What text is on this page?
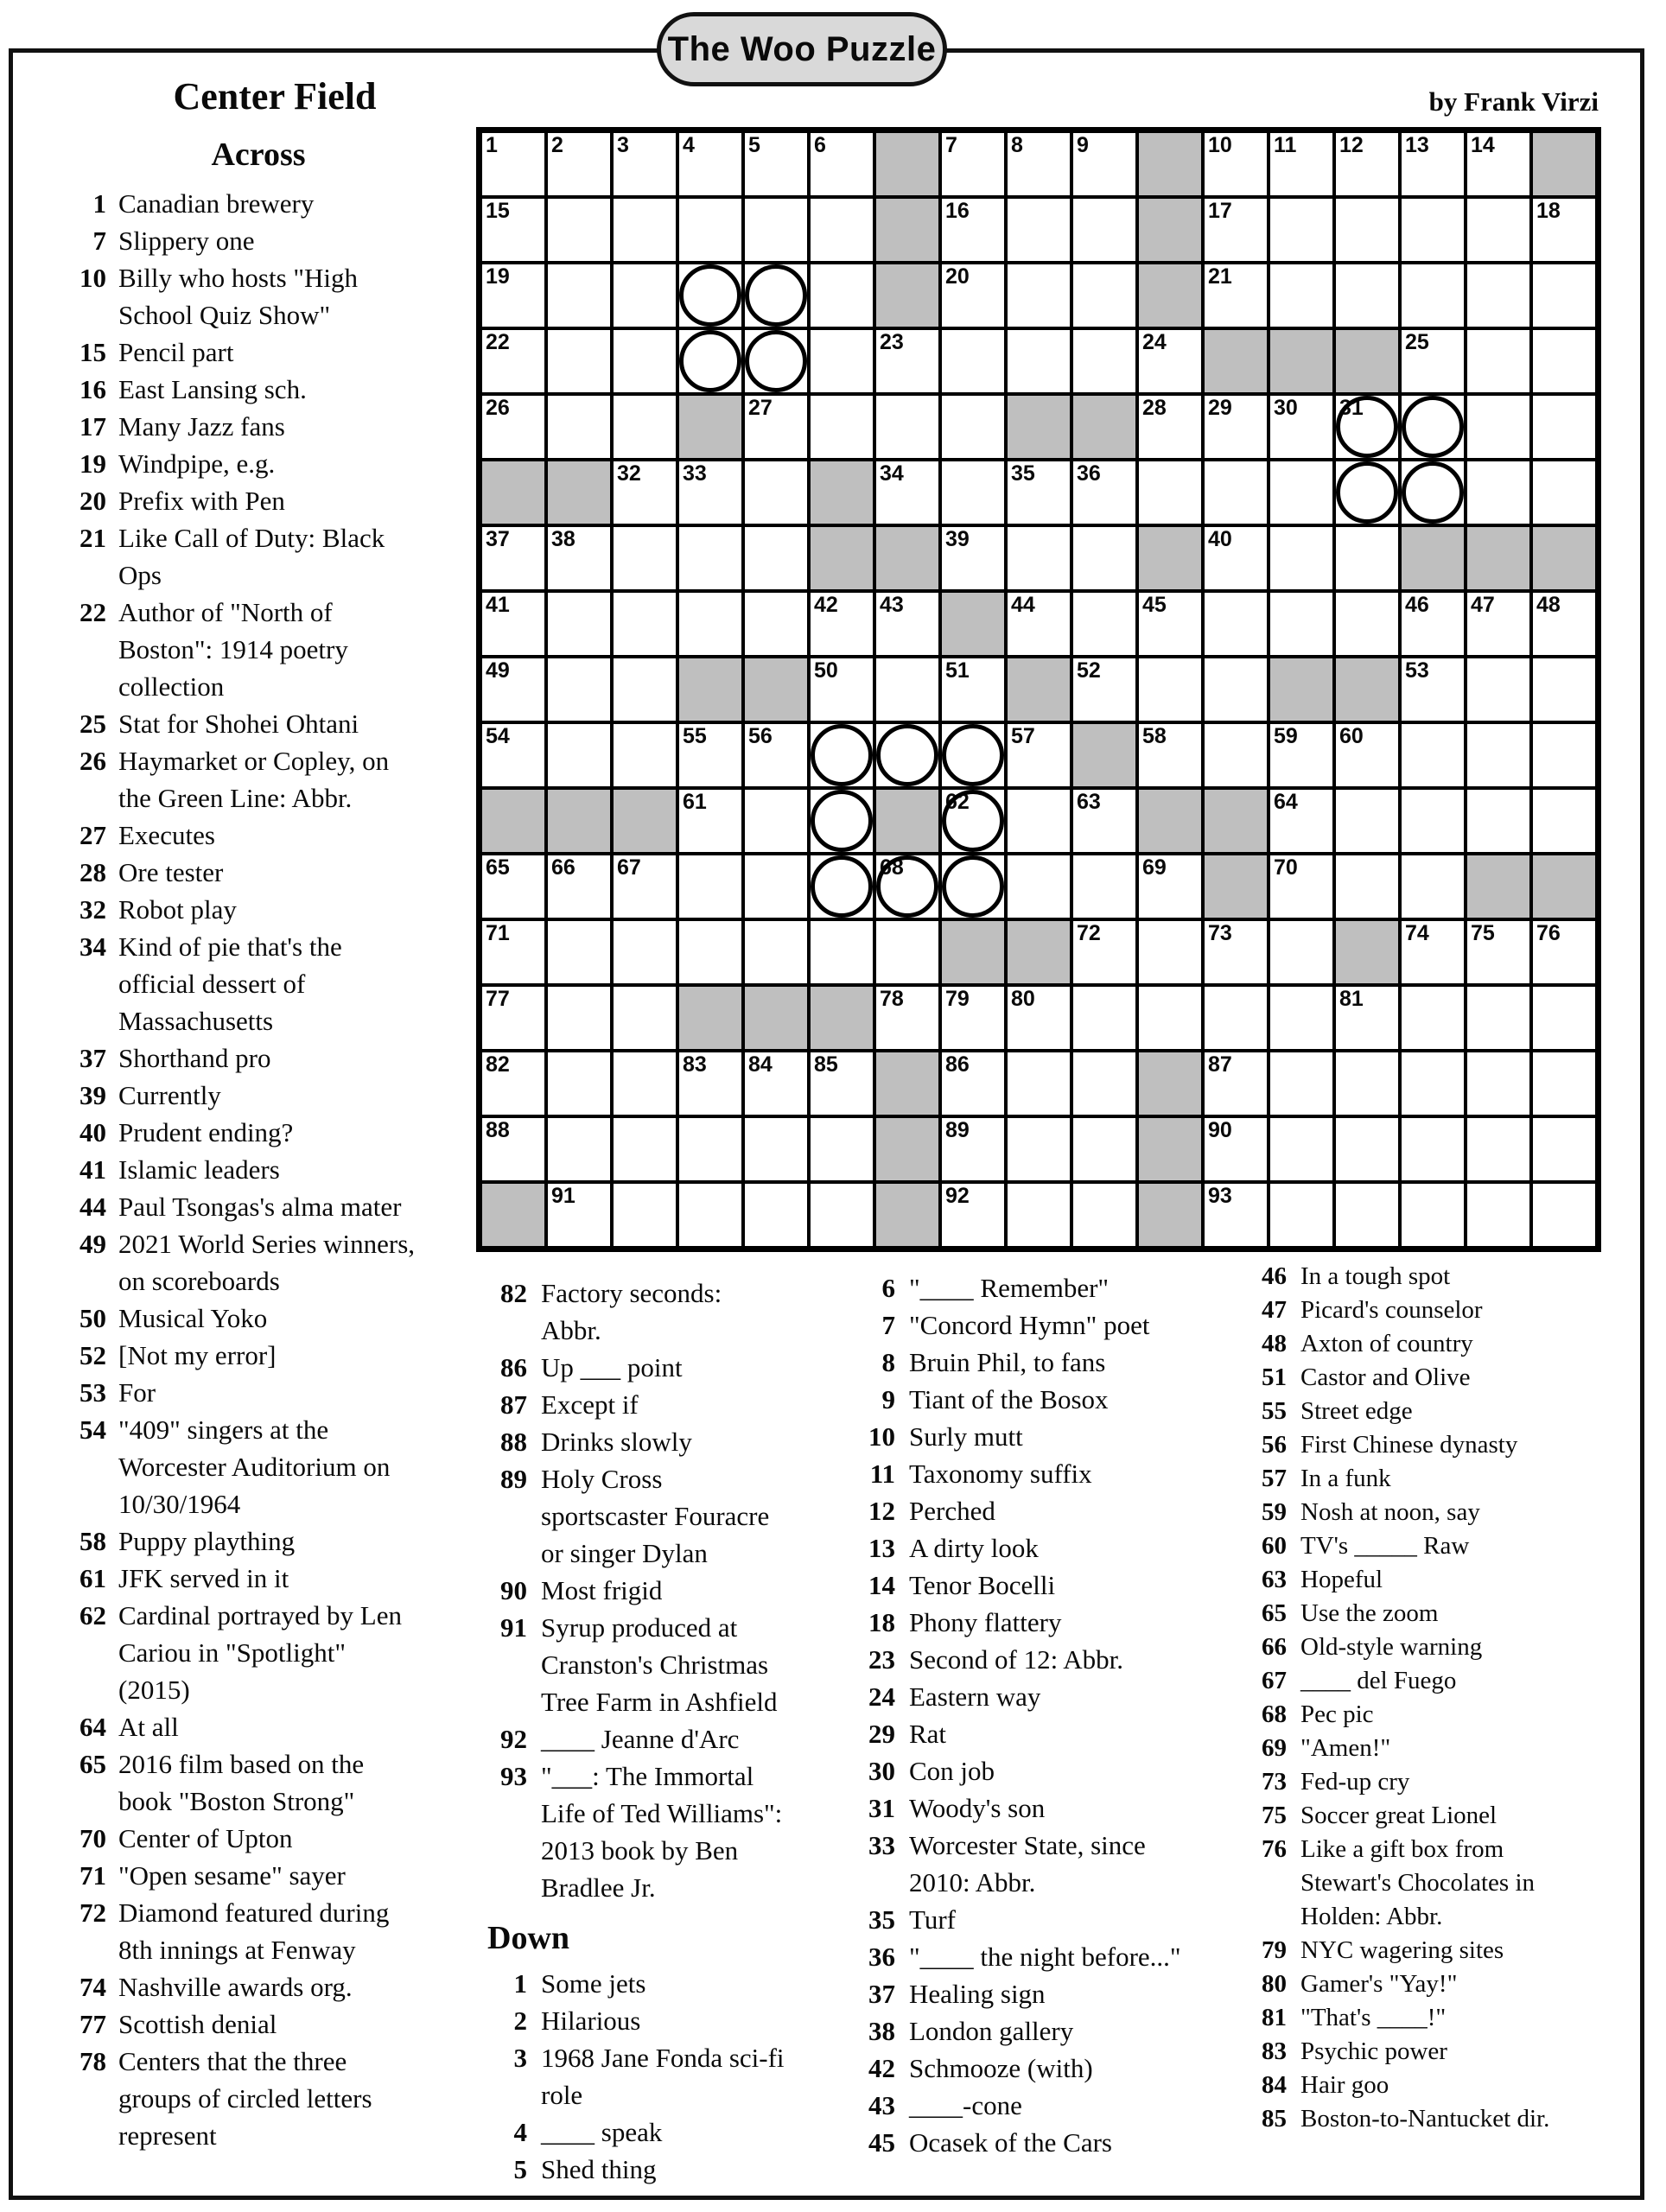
The Woo Puzzle
Center Field	by Frank Virzi
1 2 3 4 5 6	7 8 9	10 11 12 13 14
15	16	17	18
19	20	21
22	23	24	25
26	27	28 29 30 31
32 33	34	35 36
37 38	39	40
41	42 43	44	45	46 47 48
49	50	51	52	53
54	55 56	57	58	59 60
61	62	63	64
65 66 67	68	69	70
71	72	73	74 75 76
77	78 79 80	81
82	83 84 85	86	87
88	89	90
91	92	93
Across
1 Canadian brewery
7 Slippery one
10 Billy who hosts "High
School Quiz Show"
15 Pencil part
16 East Lansing sch.
17 Many Jazz fans
19 Windpipe, e.g.
20 Prefix with Pen
21 Like Call of Duty: Black
Ops
22 Author of "North of
Boston": 1914 poetry
collection
25 Stat for Shohei Ohtani
26 Haymarket or Copley, on
the Green Line: Abbr.
27 Executes
28 Ore tester
32 Robot play
34 Kind of pie that's the
official dessert of
Massachusetts
37 Shorthand pro
39 Currently
40 Prudent ending?
41 Islamic leaders
44 Paul Tsongas's alma mater
49 2021 World Series winners,
on scoreboards
50 Musical Yoko
52 [Not my error]
53 For
54 "409" singers at the
Worcester Auditorium on
10/30/1964
58 Puppy plaything
61 JFK served in it
62 Cardinal portrayed by Len
Cariou in "Spotlight"
(2015)
64 At all
65 2016 film based on the
book "Boston Strong"
70 Center of Upton
71 "Open sesame" sayer
72 Diamond featured during
8th innings at Fenway
74 Nashville awards org.
77 Scottish denial
78 Centers that the three
groups of circled letters
represent
82 Factory seconds:
Abbr.
86 Up ___ point
87 Except if
88 Drinks slowly
89 Holy Cross
sportscaster Fouracre
or singer Dylan
90 Most frigid
91 Syrup produced at
Cranston's Christmas
Tree Farm in Ashfield
92 ____ Jeanne d'Arc
93 "___: The Immortal
Life of Ted Williams":
2013 book by Ben
Bradlee Jr.
Down
1 Some jets
2 Hilarious
3 1968 Jane Fonda sci-fi
role
4 ____ speak
5 Shed thing
6 "____ Remember"
7 "Concord Hymn" poet
8 Bruin Phil, to fans
9 Tiant of the Bosox
10 Surly mutt
11 Taxonomy suffix
12 Perched
13 A dirty look
14 Tenor Bocelli
18 Phony flattery
23 Second of 12: Abbr.
24 Eastern way
29 Rat
30 Con job
31 Woody's son
33 Worcester State, since
2010: Abbr.
35 Turf
36 "____ the night before..."
37 Healing sign
38 London gallery
42 Schmooze (with)
43 ____-cone
45 Ocasek of the Cars
46 In a tough spot
47 Picard's counselor
48 Axton of country
51 Castor and Olive
55 Street edge
56 First Chinese dynasty
57 In a funk
59 Nosh at noon, say
60 TV's _____ Raw
63 Hopeful
65 Use the zoom
66 Old-style warning
67 ____ del Fuego
68 Pec pic
69 "Amen!"
73 Fed-up cry
75 Soccer great Lionel
76 Like a gift box from
Stewart's Chocolates in
Holden: Abbr.
79 NYC wagering sites
80 Gamer's "Yay!"
81 "That's ____!"
83 Psychic power
84 Hair goo
85 Boston-to-Nantucket dir.
